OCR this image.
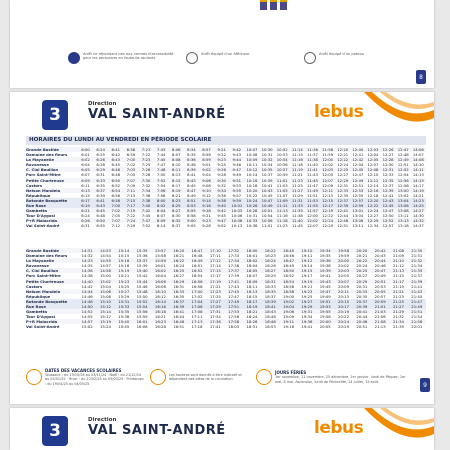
Arrêt ne répondant pas aux normes d'accessibilité pour les personnes en fauteuils roulants
Arrêt équipé d'un Afficheur	Arrêt équipé d'un poteau
8
3
Direction
VAL SAINT-ANDRÉ	lebus
HORAIRES DU LUNDI AU VENDREDI EN PÉRIODE SCOLAIRE
Grande Bastide	6:00	6:24	6:41	6:58	7:21	7:43	8:06	8:34	8:57	9:21	9:42	10:07	10:30	10:52	11:14	11:36	11:58	12:20	12:40	12:03	12:26	12:47	14:06
Domaine des fleurs	6:01	6:25	6:42	6:59	7:22	7:44	8:07	8:35	8:58	9:22	9:43	10:08	10:31	10:53	11:15	11:37	11:59	12:21	12:41	12:04	12:27	12:48	14:07
La Mayanelle	6:02	6:26	6:43	7:00	7:23	7:45	8:08	8:36	8:59	9:23	9:44	10:09	10:32	10:54	11:16	11:38	12:00	12:22	12:42	12:05	12:28	12:49	14:08
Ravanesse	6:04	6:28	6:45	7:02	7:25	7:47	8:10	8:38	9:01	9:25	9:46	10:11	10:34	10:56	11:18	11:40	12:02	12:24	12:44	12:07	12:30	12:51	14:10
C. Cial Bouillon	6:05	6:29	6:46	7:03	7:26	7:48	8:11	8:39	9:02	9:26	9:47	10:12	10:35	10:57	11:19	11:41	12:03	12:25	12:45	12:08	12:31	12:52	14:11
Parc Saint-Mitre	6:07	6:31	6:48	7:05	7:28	7:50	8:13	8:41	9:04	9:28	9:49	10:14	10:37	10:59	11:21	11:43	12:05	12:27	12:47	12:10	12:33	12:54	14:13
Petite Chartreuse	6:09	6:33	6:50	7:07	7:30	7:52	8:15	8:43	9:06	9:30	9:51	10:16	10:39	11:01	11:23	11:45	12:07	12:29	12:49	12:12	12:35	12:56	14:15
Castors	6:11	6:35	6:52	7:09	7:32	7:54	8:17	8:45	9:08	9:32	9:53	10:18	10:41	11:03	11:25	11:47	12:09	12:31	12:51	12:14	12:37	12:58	14:17
Nelson Mandela	6:13	6:37	6:54	7:11	7:34	7:56	8:19	8:47	9:10	9:34	9:55	10:20	10:43	11:05	11:27	11:49	12:11	12:33	12:53	12:16	12:39	13:00	14:19
République	6:15	6:39	6:56	7:13	7:36	7:58	8:21	8:49	9:12	9:36	9:57	10:22	10:45	11:07	11:29	11:51	12:13	12:35	12:55	12:18	12:41	13:02	14:21
Rotonde Bosquette	6:17	6:41	6:58	7:15	7:38	8:00	8:23	8:51	9:14	9:38	9:59	10:24	10:47	11:09	11:31	11:53	12:15	12:37	12:57	12:20	12:43	13:04	14:23
Rue Rose	6:19	6:43	7:00	7:17	7:40	8:02	8:25	8:53	9:16	9:40	10:01	10:26	10:49	11:11	11:33	11:55	12:17	12:39	12:59	12:22	12:45	13:06	14:25
Gambetta	6:21	6:45	7:02	7:19	7:42	8:04	8:27	8:55	9:18	9:42	10:03	10:28	10:51	11:13	11:35	11:57	12:19	12:41	13:01	12:24	12:47	13:08	14:27
Tour D'Aygosi	6:24	6:48	7:05	7:22	7:45	8:07	8:30	8:58	9:21	9:45	10:06	10:31	10:54	11:16	11:38	12:00	12:22	12:44	13:04	12:27	12:50	13:11	14:30
P+R Malacrida	6:26	6:50	7:07	7:24	7:47	8:09	8:32	9:00	9:23	9:47	10:08	10:33	10:56	11:18	11:40	12:02	12:24	12:46	13:06	12:29	12:52	13:13	14:32
Val Saint-André	6:31	6:55	7:12	7:29	7:52	8:14	8:37	9:05	9:28	9:52	10:13	10:38	11:01	11:23	11:45	12:07	12:29	12:51	13:11	12:34	12:57	13:18	14:37
Grande Bastide	14:31	14:53	15:14	15:35	15:57	16:20	16:47	17:10	17:32	18:00	18:22	18:45	19:10	19:34	19:58	20:20	20:42	21:08	21:30
Domaine des fleurs	14:32	14:54	15:15	15:36	15:58	16:21	16:48	17:11	17:33	18:01	18:23	18:46	19:11	19:35	19:59	20:21	20:43	21:09	21:31
La Mayanelle	14:33	14:55	15:16	15:37	15:59	16:22	16:49	17:12	17:34	18:02	18:24	18:47	19:12	19:36	20:00	20:22	20:44	21:10	21:32
Ravanesse	14:35	14:57	15:18	15:39	16:01	16:24	16:51	17:14	17:36	18:04	18:26	18:49	19:14	19:38	20:02	20:24	20:46	21:12	21:34
C. Cial Bouillon	14:36	14:58	15:19	15:40	16:02	16:25	16:52	17:15	17:37	18:05	18:27	18:50	19:15	19:39	20:03	20:25	20:47	21:13	21:35
Parc Saint-Mitre	14:38	15:00	15:21	15:42	16:04	16:27	16:54	17:17	17:39	18:07	18:29	18:52	19:17	19:41	20:05	20:27	20:49	21:15	21:37
Petite Chartreuse	14:40	15:02	15:23	15:44	16:06	16:29	16:56	17:19	17:41	18:09	18:31	18:54	19:19	19:43	20:07	20:29	20:51	21:17	21:39
Castors	14:42	15:04	15:25	15:46	16:08	16:31	16:58	17:21	17:43	18:11	18:33	18:56	19:21	19:45	20:09	20:31	20:53	21:19	21:41
Nelson Mandela	14:44	15:06	15:27	15:48	16:10	16:33	17:00	17:23	17:45	18:13	18:35	18:58	19:23	19:47	20:11	20:33	20:55	21:21	21:43
République	14:46	15:08	15:29	15:50	16:12	16:35	17:02	17:25	17:47	18:15	18:37	19:00	19:25	19:49	20:13	20:35	20:57	21:23	21:45
Rotonde Bosquette	14:48	15:10	15:31	15:52	16:14	16:37	17:04	17:27	17:49	18:17	18:39	19:02	19:27	19:51	20:15	20:37	20:59	21:25	21:47
Rue Rose	14:50	15:12	15:33	15:54	16:16	16:39	17:06	17:29	17:51	18:19	18:41	19:04	19:29	19:53	20:17	20:39	21:01	21:27	21:49
Gambetta	14:52	15:14	15:35	15:56	16:18	16:41	17:08	17:31	17:53	18:21	18:43	19:06	19:31	19:55	20:19	20:41	21:03	21:29	21:51
Tour D'Aygosi	14:55	15:17	15:38	15:59	16:21	16:44	17:11	17:34	17:56	18:24	18:46	19:09	19:34	19:58	20:22	20:44	21:06	21:32	21:54
P+R Malacrida	14:57	15:19	15:40	16:01	16:23	16:46	17:13	17:36	17:58	18:26	18:48	19:11	19:36	20:00	20:24	20:46	21:08	21:34	21:56
Val Saint-André	15:02	15:24	15:45	16:06	16:28	16:51	17:18	17:41	18:03	18:31	18:53	19:16	19:41	20:05	20:29	20:51	21:13	21:39	22:01
DATES DES VACANCES SCOLAIRES
Toussaint : du 19/10/24 au 03/11/24 · Noël : du 21/12/24 au 05/01/25 · Hiver : du 22/02/25 au 09/03/25 · Printemps : du 19/04/25 au 04/05/25
Les horaires sont donnés à titre indicatif et dépendent des aléas de la circulation
JOURS FÉRIÉS
1er novembre, 11 novembre, 25 décembre, 1er janvier, lundi de Pâques, 1er mai, 8 mai, Ascension, lundi de Pentecôte, 14 juillet, 15 août	9
3
Direction
VAL SAINT-ANDRÉ	lebus
